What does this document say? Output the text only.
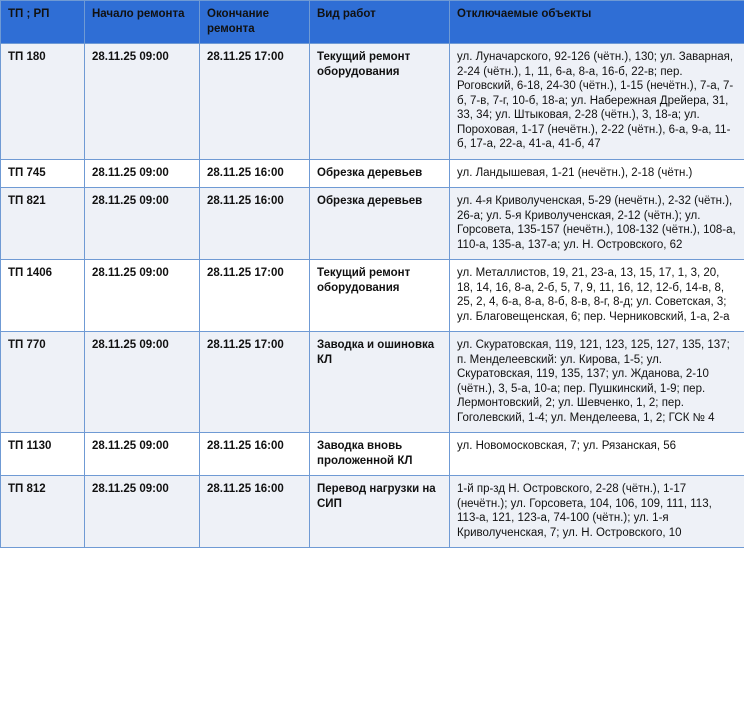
ТП ; РП	Начало ремонта	Окончание ремонта	Вид работ	Отключаемые объекты
ТП 180	28.11.25 09:00	28.11.25 17:00	Текущий ремонт оборудования	ул. Луначарского, 92-126 (чётн.), 130; ул. Заварная, 2-24 (чётн.), 1, 11, 6-а, 8-а, 16-б, 22-в; пер. Роговский, 6-18, 24-30 (чётн.), 1-15 (нечётн.), 7-а, 7-б, 7-в, 7-г, 10-б, 18-а; ул. Набережная Дрейера, 31, 33, 34; ул. Штыковая, 2-28 (чётн.), 3, 18-а; ул. Пороховая, 1-17 (нечётн.), 2-22 (чётн.), 6-а, 9-а, 11-б, 17-а, 22-а, 41-а, 41-б, 47
ТП 745	28.11.25 09:00	28.11.25 16:00	Обрезка деревьев	ул. Ландышевая, 1-21 (нечётн.), 2-18 (чётн.)
ТП 821	28.11.25 09:00	28.11.25 16:00	Обрезка деревьев	ул. 4-я Криволученская, 5-29 (нечётн.), 2-32 (чётн.), 26-а; ул. 5-я Криволученская, 2-12 (чётн.); ул. Горсовета, 135-157 (нечётн.), 108-132 (чётн.), 108-а, 110-а, 135-а, 137-а; ул. Н. Островского, 62
ТП 1406	28.11.25 09:00	28.11.25 17:00	Текущий ремонт оборудования	ул. Металлистов, 19, 21, 23-а, 13, 15, 17, 1, 3, 20, 18, 14, 16, 8-а, 2-б, 5, 7, 9, 11, 16, 12, 12-б, 14-в, 8, 25, 2, 4, 6-а, 8-а, 8-б, 8-в, 8-г, 8-д; ул. Советская, 3; ул. Благовещенская, 6; пер. Черниковский, 1-а, 2-а
ТП 770	28.11.25 09:00	28.11.25 17:00	Заводка и ошиновка КЛ	ул. Скуратовская, 119, 121, 123, 125, 127, 135, 137; п. Менделеевский: ул. Кирова, 1-5; ул. Скуратовская, 119, 135, 137; ул. Жданова, 2-10 (чётн.), 3, 5-а, 10-а; пер. Пушкинский, 1-9; пер. Лермонтовский, 2; ул. Шевченко, 1, 2; пер. Гоголевский, 1-4; ул. Менделеева, 1, 2; ГСК № 4
ТП 1130	28.11.25 09:00	28.11.25 16:00	Заводка вновь проложенной КЛ	ул. Новомосковская, 7; ул. Рязанская, 56
ТП 812	28.11.25 09:00	28.11.25 16:00	Перевод нагрузки на СИП	1-й пр-зд Н. Островского, 2-28 (чётн.), 1-17 (нечётн.); ул. Горсовета, 104, 106, 109, 111, 113, 113-а, 121, 123-а, 74-100 (чётн.); ул. 1-я Криволученская, 7; ул. Н. Островского, 10
